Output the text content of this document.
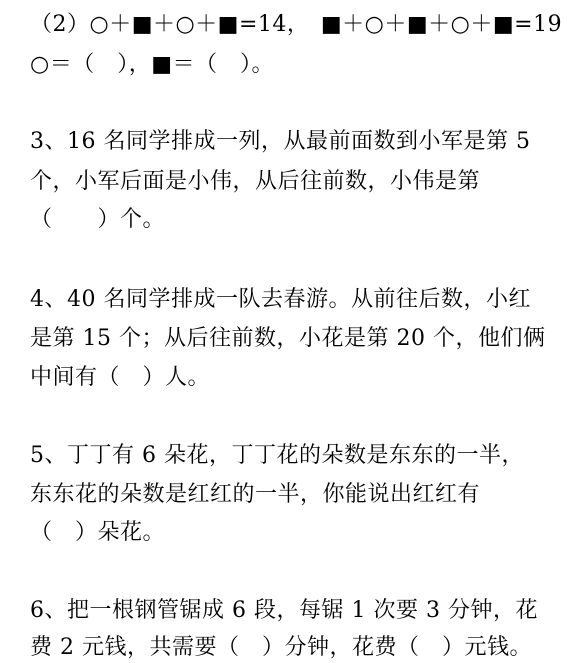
（2）○＋■＋○＋■=14，　■＋○＋■＋○＋■=19
○＝（　），■＝（　）。
3、16 名同学排成一列，从最前面数到小军是第 5
个，小军后面是小伟，从后往前数，小伟是第
（　　）个。
4、40 名同学排成一队去春游。从前往后数，小红
是第 15 个；从后往前数，小花是第 20 个，他们俩
中间有（　）人。
5、丁丁有 6 朵花，丁丁花的朵数是东东的一半，
东东花的朵数是红红的一半，你能说出红红有
（　）朵花。
6、把一根钢管锯成 6 段，每锯 1 次要 3 分钟，花
费 2 元钱，共需要（　）分钟，花费（　）元钱。
